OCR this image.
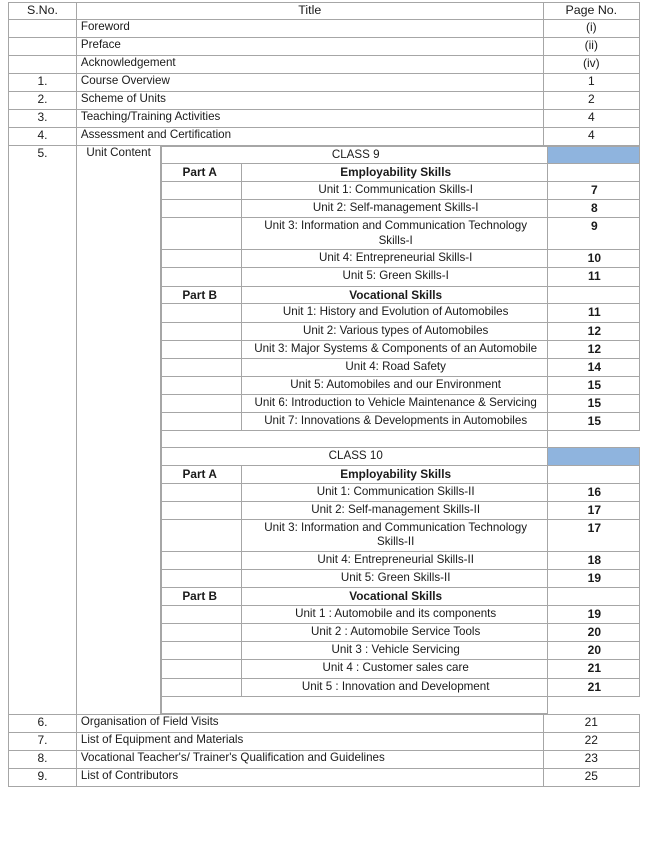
S.No.	Title	Page No.
	Foreword	(i)
	Preface	(ii)
	Acknowledgement	(iv)
1.	Course Overview	1
2.	Scheme of Units	2
3.	Teaching/Training Activities	4
4.	Assessment and Certification	4
5.	Unit Content		CLASS 9	
Part A	Employability Skills	
	Unit 1: Communication Skills-I	7
	Unit 2: Self-management Skills-I	8
	Unit 3: Information and Communication Technology Skills-I	9
	Unit 4: Entrepreneurial Skills-I	10
	Unit 5: Green Skills-I	11
Part B	Vocational Skills	
	Unit 1: History and Evolution of Automobiles	11
	Unit 2: Various types of Automobiles	12
	Unit 3: Major Systems & Components of an Automobile	12
	Unit 4: Road Safety	14
	Unit 5: Automobiles and our Environment	15
	Unit 6: Introduction to Vehicle Maintenance & Servicing	15
	Unit 7: Innovations & Developments in Automobiles	15

CLASS 10	
Part A	Employability Skills	
	Unit 1: Communication Skills-II	16
	Unit 2: Self-management Skills-II	17
	Unit 3: Information and Communication Technology Skills-II	17
	Unit 4: Entrepreneurial Skills-II	18
	Unit 5: Green Skills-II	19
Part B	Vocational Skills	
	Unit 1 : Automobile and its components	19
	Unit 2 : Automobile Service Tools	20
	Unit 3 : Vehicle Servicing	20
	Unit 4 : Customer sales care	21
	Unit 5 : Innovation and Development	21

6.	Organisation of Field Visits	21
7.	List of Equipment and Materials	22
8.	Vocational Teacher's/ Trainer's Qualification and Guidelines	23
9.	List of Contributors	25
